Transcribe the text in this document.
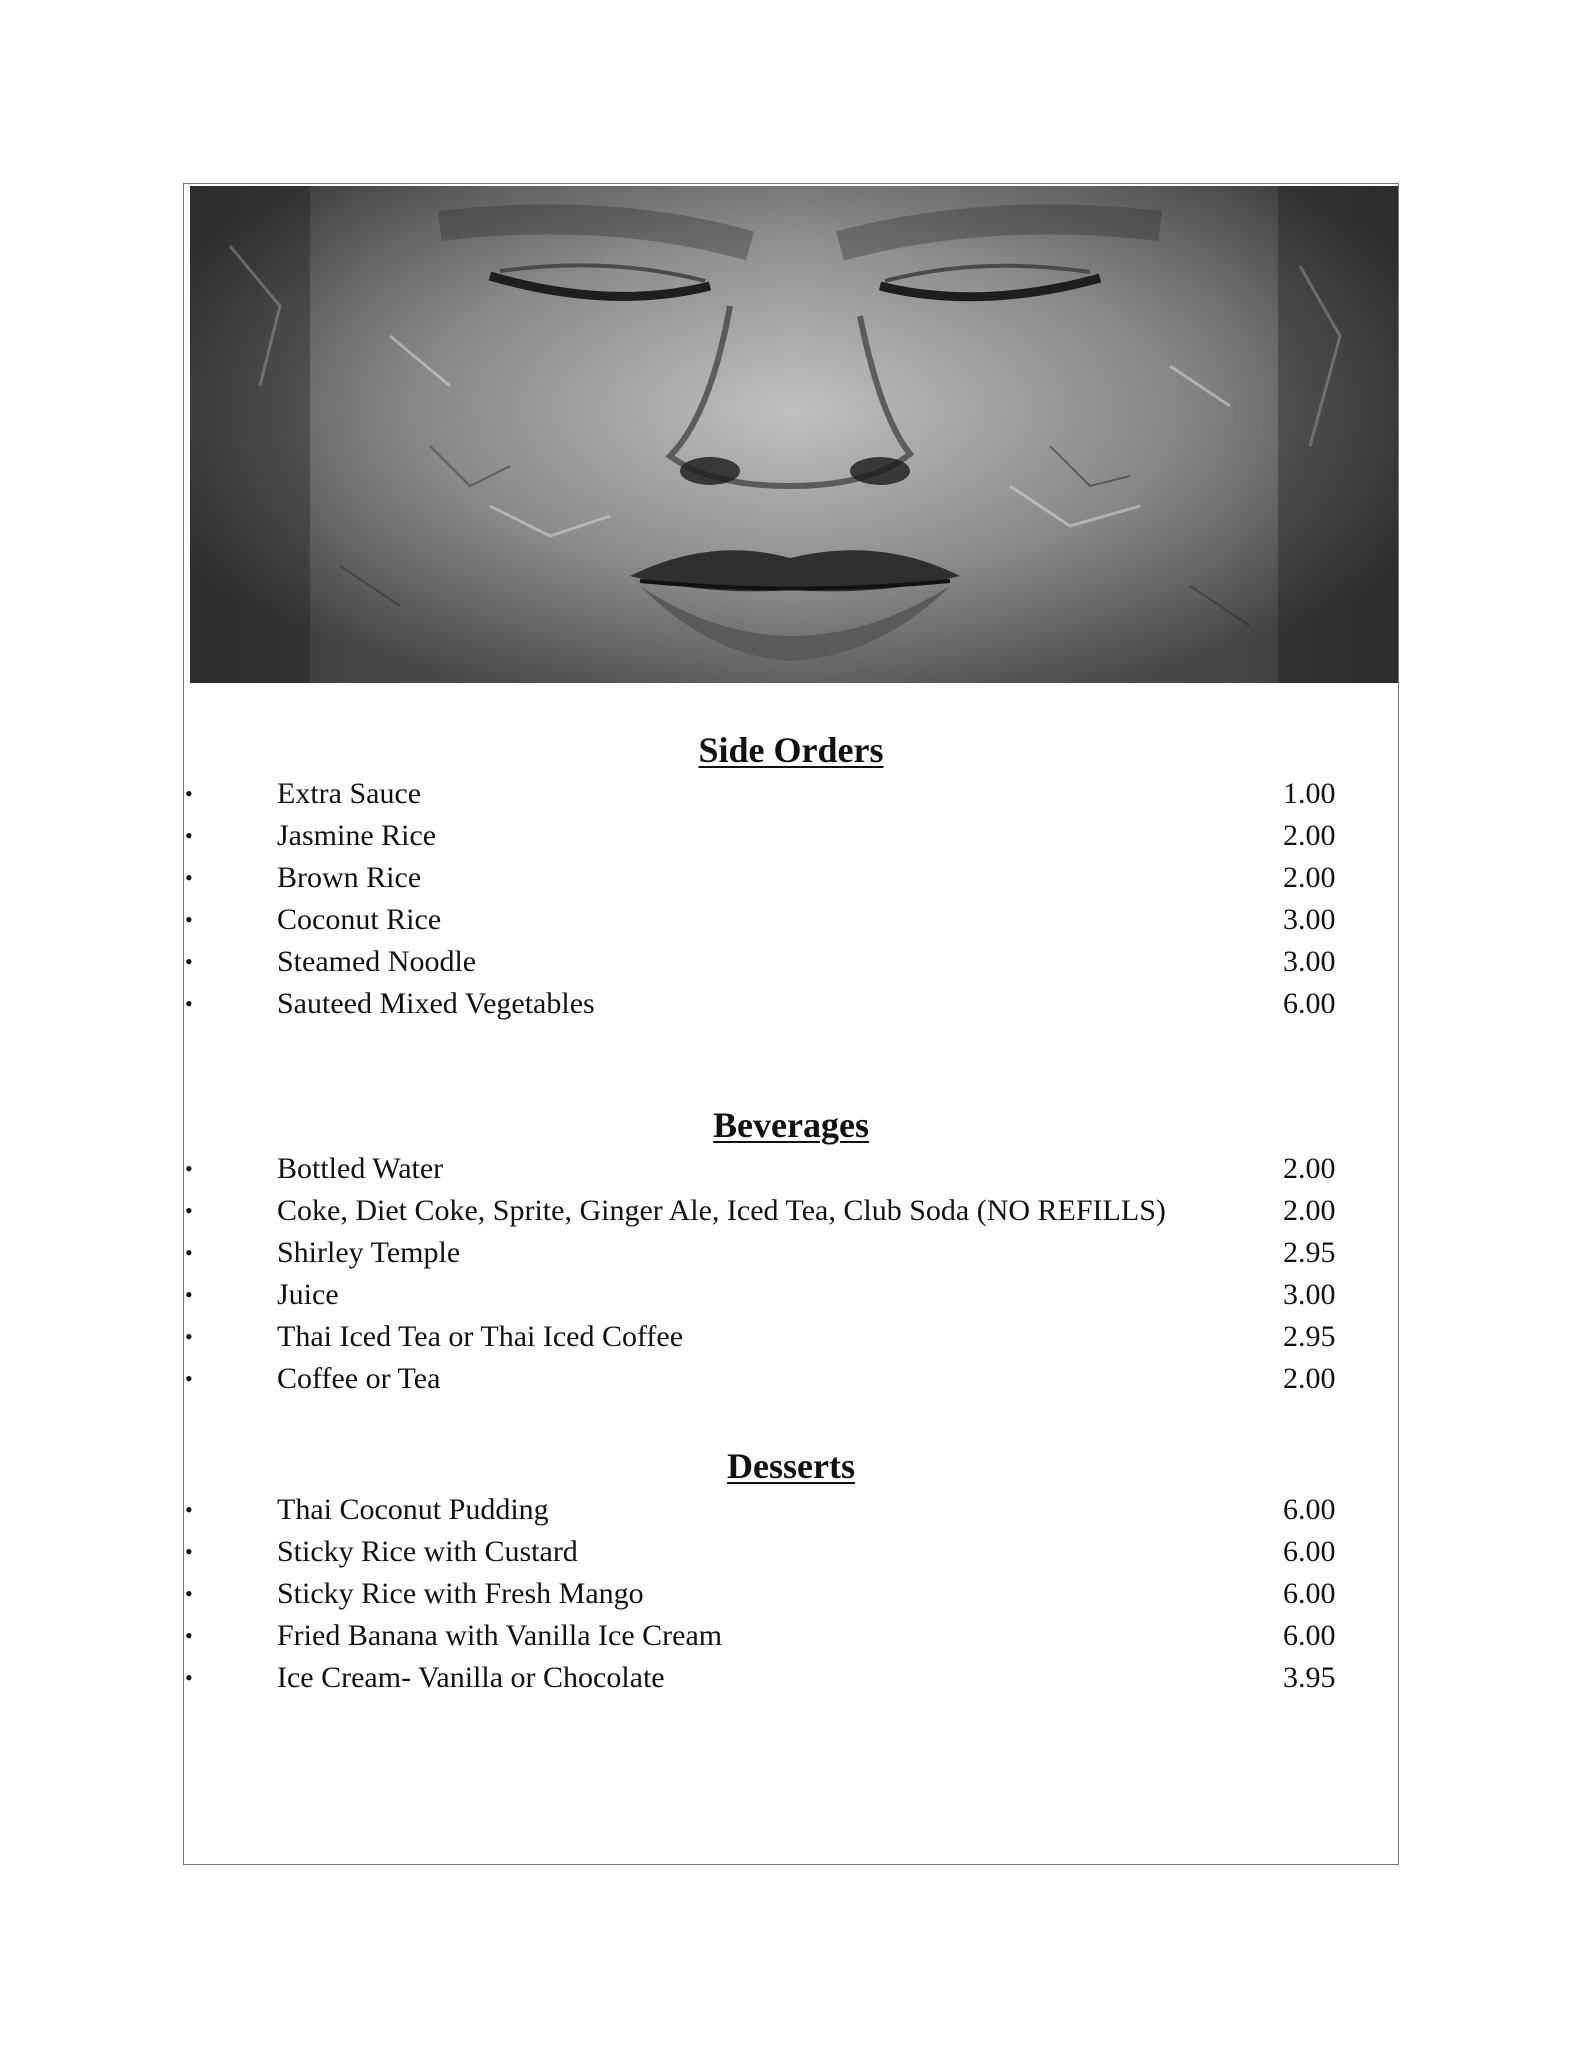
Side Orders
•	Extra Sauce	1.00
•	Jasmine Rice	2.00
•	Brown Rice	2.00
•	Coconut Rice	3.00
•	Steamed Noodle	3.00
•	Sauteed Mixed Vegetables	6.00
Beverages
•	Bottled Water	2.00
•	Coke, Diet Coke, Sprite, Ginger Ale, Iced Tea, Club Soda (NO REFILLS)	2.00
•	Shirley Temple	2.95
•	Juice	3.00
•	Thai Iced Tea or Thai Iced Coffee	2.95
•	Coffee or Tea	2.00
Desserts
•	Thai Coconut Pudding	6.00
•	Sticky Rice with Custard	6.00
•	Sticky Rice with Fresh Mango	6.00
•	Fried Banana with Vanilla Ice Cream	6.00
•	Ice Cream- Vanilla or Chocolate	3.95
